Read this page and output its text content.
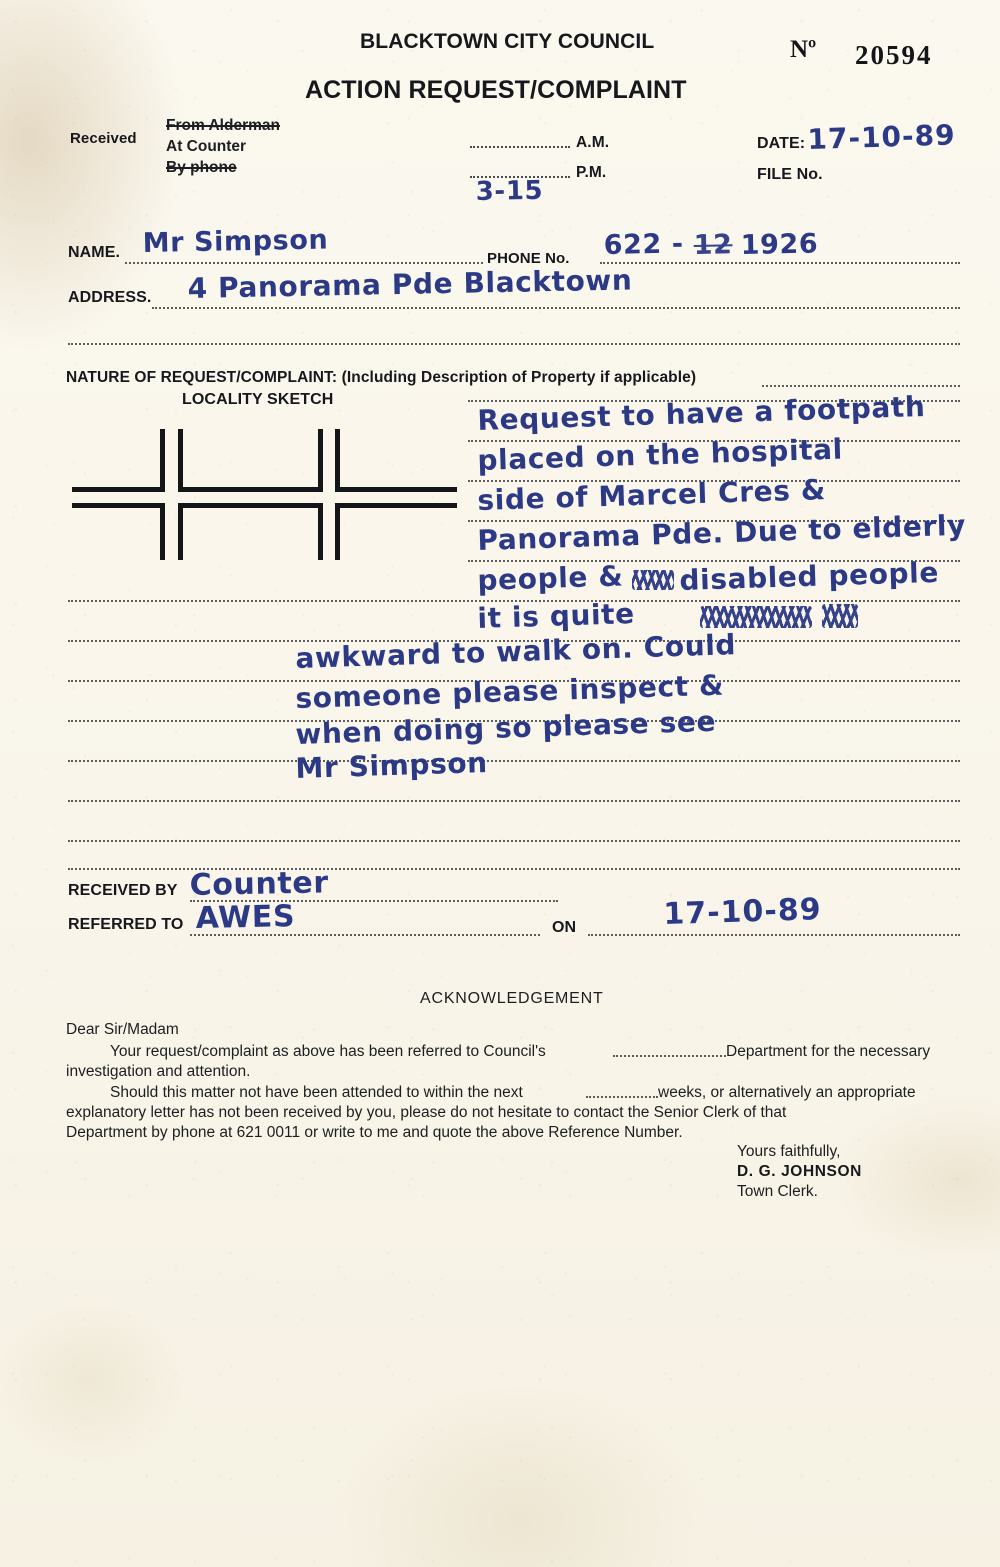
BLACKTOWN CITY COUNCIL
ACTION REQUEST/COMPLAINT
Nº 20594
Received
From Alderman
At Counter
By phone
A.M.
P.M.
3-15
DATE: 17-10-89
FILE No.
NAME. Mr Simpson	PHONE No. 622 - 12 1926
ADDRESS. 4 Panorama Pde Blacktown
NATURE OF REQUEST/COMPLAINT: (Including Description of Property if applicable)
LOCALITY SKETCH	Request to have a footpath
placed on the hospital
side of Marcel Cres &
Panorama Pde. Due to elderly
people & disabled people
it is quite
awkward to walk on. Could
someone please inspect &
when doing so please see
Mr Simpson
RECEIVED BY Counter
REFERRED TO AWES	ON	17-10-89
ACKNOWLEDGEMENT
Dear Sir/Madam
Your request/complaint as above has been referred to Council's	Department for the necessary
investigation and attention.
Should this matter not have been attended to within the next	weeks, or alternatively an appropriate
explanatory letter has not been received by you, please do not hesitate to contact the Senior Clerk of that
Department by phone at 621 0011 or write to me and quote the above Reference Number.
Yours faithfully,
D. G. JOHNSON
Town Clerk.
